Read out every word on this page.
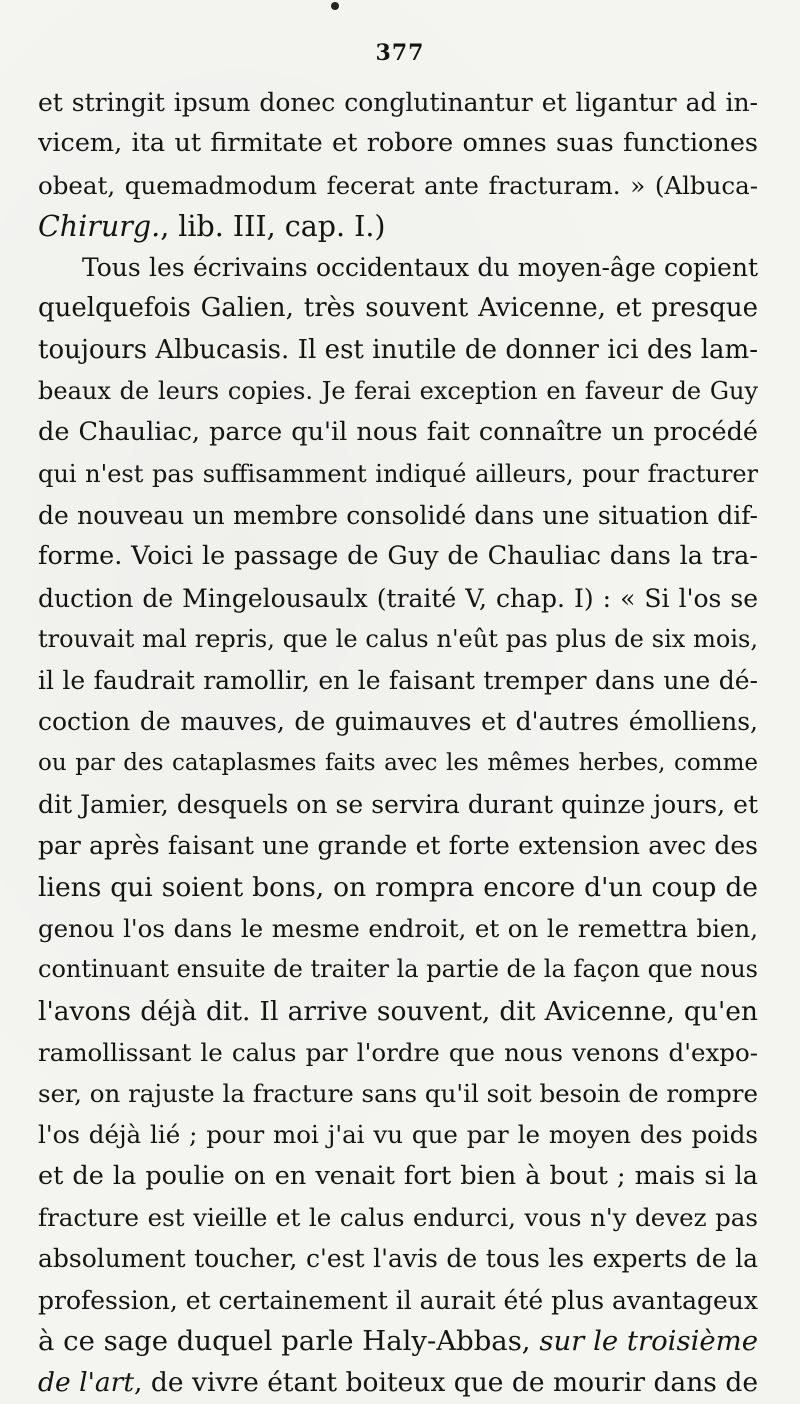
377
et stringit ipsum donec conglutinantur et ligantur ad in-
vicem, ita ut firmitate et robore omnes suas functiones
obeat, quemadmodum fecerat ante fracturam. » (Albuca-
Chirurg., lib. III, cap. I.)
Tous les écrivains occidentaux du moyen-âge copient
quelquefois Galien, très souvent Avicenne, et presque
toujours Albucasis. Il est inutile de donner ici des lam-
beaux de leurs copies. Je ferai exception en faveur de Guy
de Chauliac, parce qu'il nous fait connaître un procédé
qui n'est pas suffisamment indiqué ailleurs, pour fracturer
de nouveau un membre consolidé dans une situation dif-
forme. Voici le passage de Guy de Chauliac dans la tra-
duction de Mingelousaulx (traité V, chap. I) : « Si l'os se
trouvait mal repris, que le calus n'eût pas plus de six mois,
il le faudrait ramollir, en le faisant tremper dans une dé-
coction de mauves, de guimauves et d'autres émolliens,
ou par des cataplasmes faits avec les mêmes herbes, comme
dit Jamier, desquels on se servira durant quinze jours, et
par après faisant une grande et forte extension avec des
liens qui soient bons, on rompra encore d'un coup de
genou l'os dans le mesme endroit, et on le remettra bien,
continuant ensuite de traiter la partie de la façon que nous
l'avons déjà dit. Il arrive souvent, dit Avicenne, qu'en
ramollissant le calus par l'ordre que nous venons d'expo-
ser, on rajuste la fracture sans qu'il soit besoin de rompre
l'os déjà lié ; pour moi j'ai vu que par le moyen des poids
et de la poulie on en venait fort bien à bout ; mais si la
fracture est vieille et le calus endurci, vous n'y devez pas
absolument toucher, c'est l'avis de tous les experts de la
profession, et certainement il aurait été plus avantageux
à ce sage duquel parle Haly-Abbas, sur le troisième
de l'art, de vivre étant boiteux que de mourir dans de
